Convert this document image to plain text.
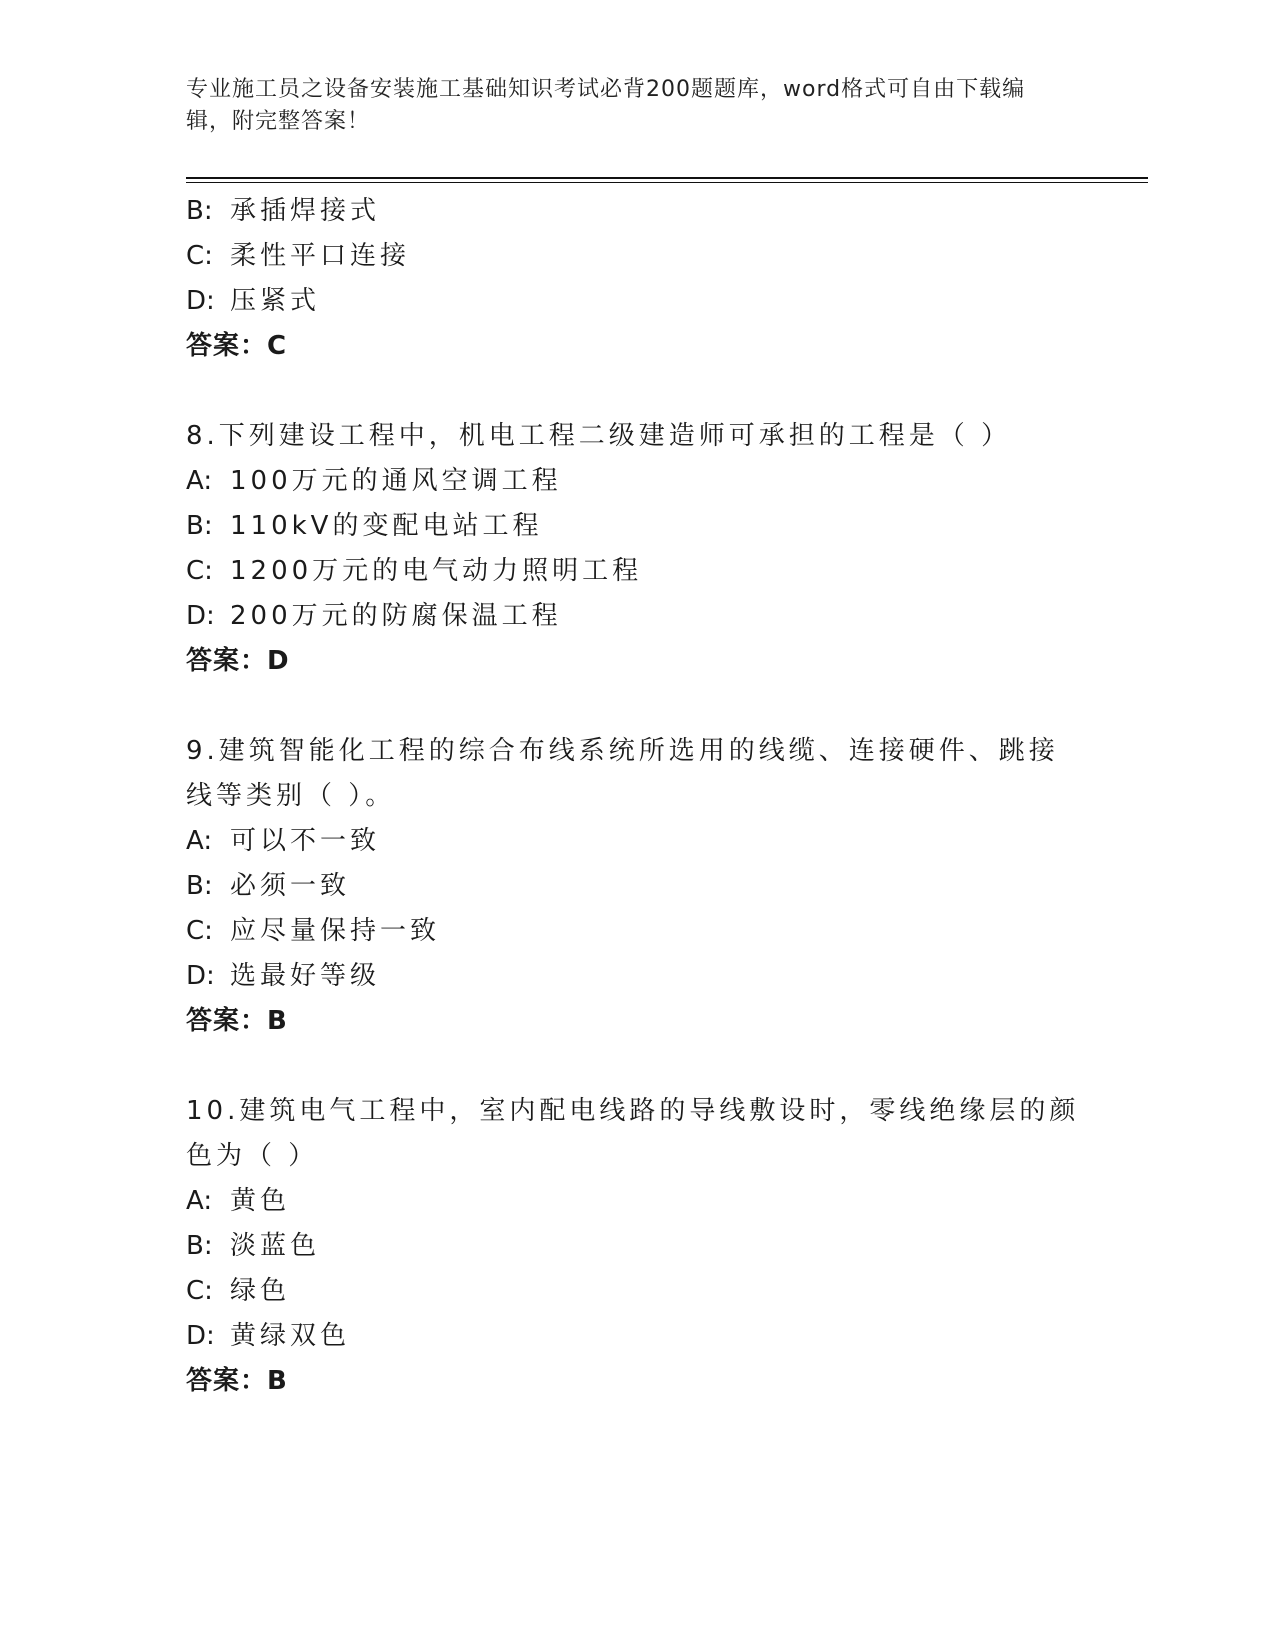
专业施工员之设备安装施工基础知识考试必背200题题库，word格式可自由下载编辑，附完整答案！
B: 承插焊接式
C: 柔性平口连接
D: 压紧式
答案：C
8.下列建设工程中，机电工程二级建造师可承担的工程是（ ）
A: 100万元的通风空调工程
B: 110kV的变配电站工程
C: 1200万元的电气动力照明工程
D: 200万元的防腐保温工程
答案：D
9.建筑智能化工程的综合布线系统所选用的线缆、连接硬件、跳接线等类别（ ）。
A: 可以不一致
B: 必须一致
C: 应尽量保持一致
D: 选最好等级
答案：B
10.建筑电气工程中，室内配电线路的导线敷设时，零线绝缘层的颜色为（ ）
A: 黄色
B: 淡蓝色
C: 绿色
D: 黄绿双色
答案：B
